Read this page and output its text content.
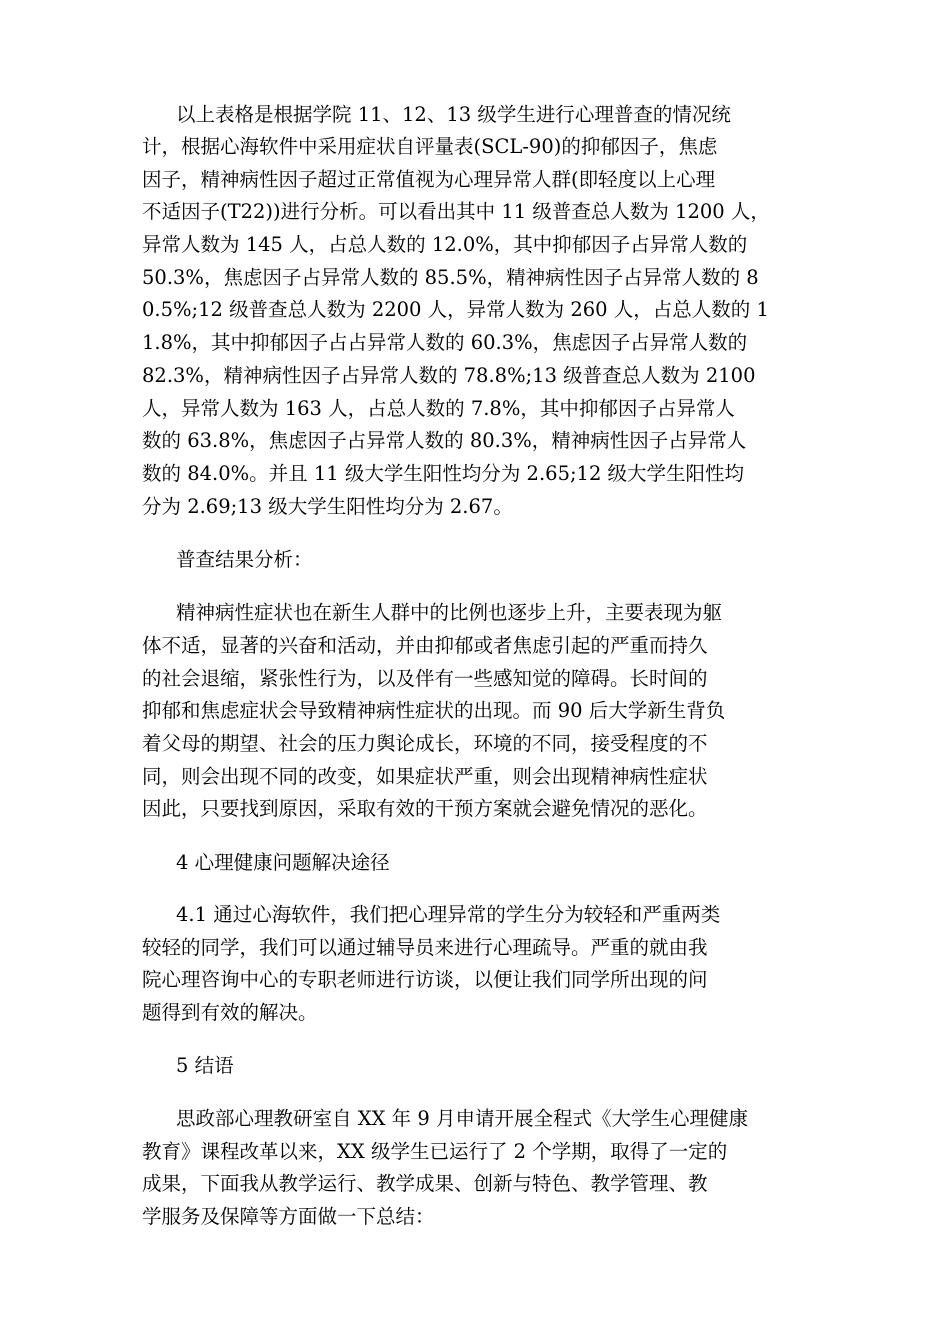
以上表格是根据学院 11、12、13 级学生进行心理普查的情况统
计，根据心海软件中采用症状自评量表(SCL-90)的抑郁因子，焦虑
因子，精神病性因子超过正常值视为心理异常人群(即轻度以上心理
不适因子(T22))进行分析。可以看出其中 11 级普查总人数为 1200 人，
异常人数为 145 人，占总人数的 12.0%，其中抑郁因子占异常人数的
50.3%，焦虑因子占异常人数的 85.5%，精神病性因子占异常人数的 8
0.5%;12 级普查总人数为 2200 人，异常人数为 260 人，占总人数的 1
1.8%，其中抑郁因子占占异常人数的 60.3%，焦虑因子占异常人数的
82.3%，精神病性因子占异常人数的 78.8%;13 级普查总人数为 2100
人，异常人数为 163 人，占总人数的 7.8%，其中抑郁因子占异常人
数的 63.8%，焦虑因子占异常人数的 80.3%，精神病性因子占异常人
数的 84.0%。并且 11 级大学生阳性均分为 2.65;12 级大学生阳性均
分为 2.69;13 级大学生阳性均分为 2.67。
普查结果分析：
精神病性症状也在新生人群中的比例也逐步上升，主要表现为躯
体不适，显著的兴奋和活动，并由抑郁或者焦虑引起的严重而持久
的社会退缩，紧张性行为，以及伴有一些感知觉的障碍。长时间的
抑郁和焦虑症状会导致精神病性症状的出现。而 90 后大学新生背负
着父母的期望、社会的压力舆论成长，环境的不同，接受程度的不
同，则会出现不同的改变，如果症状严重，则会出现精神病性症状
因此，只要找到原因，采取有效的干预方案就会避免情况的恶化。
4 心理健康问题解决途径
4.1 通过心海软件，我们把心理异常的学生分为较轻和严重两类
较轻的同学，我们可以通过辅导员来进行心理疏导。严重的就由我
院心理咨询中心的专职老师进行访谈，以便让我们同学所出现的问
题得到有效的解决。
5 结语
思政部心理教研室自 XX 年 9 月申请开展全程式《大学生心理健康
教育》课程改革以来，XX 级学生已运行了 2 个学期，取得了一定的
成果，下面我从教学运行、教学成果、创新与特色、教学管理、教
学服务及保障等方面做一下总结：
